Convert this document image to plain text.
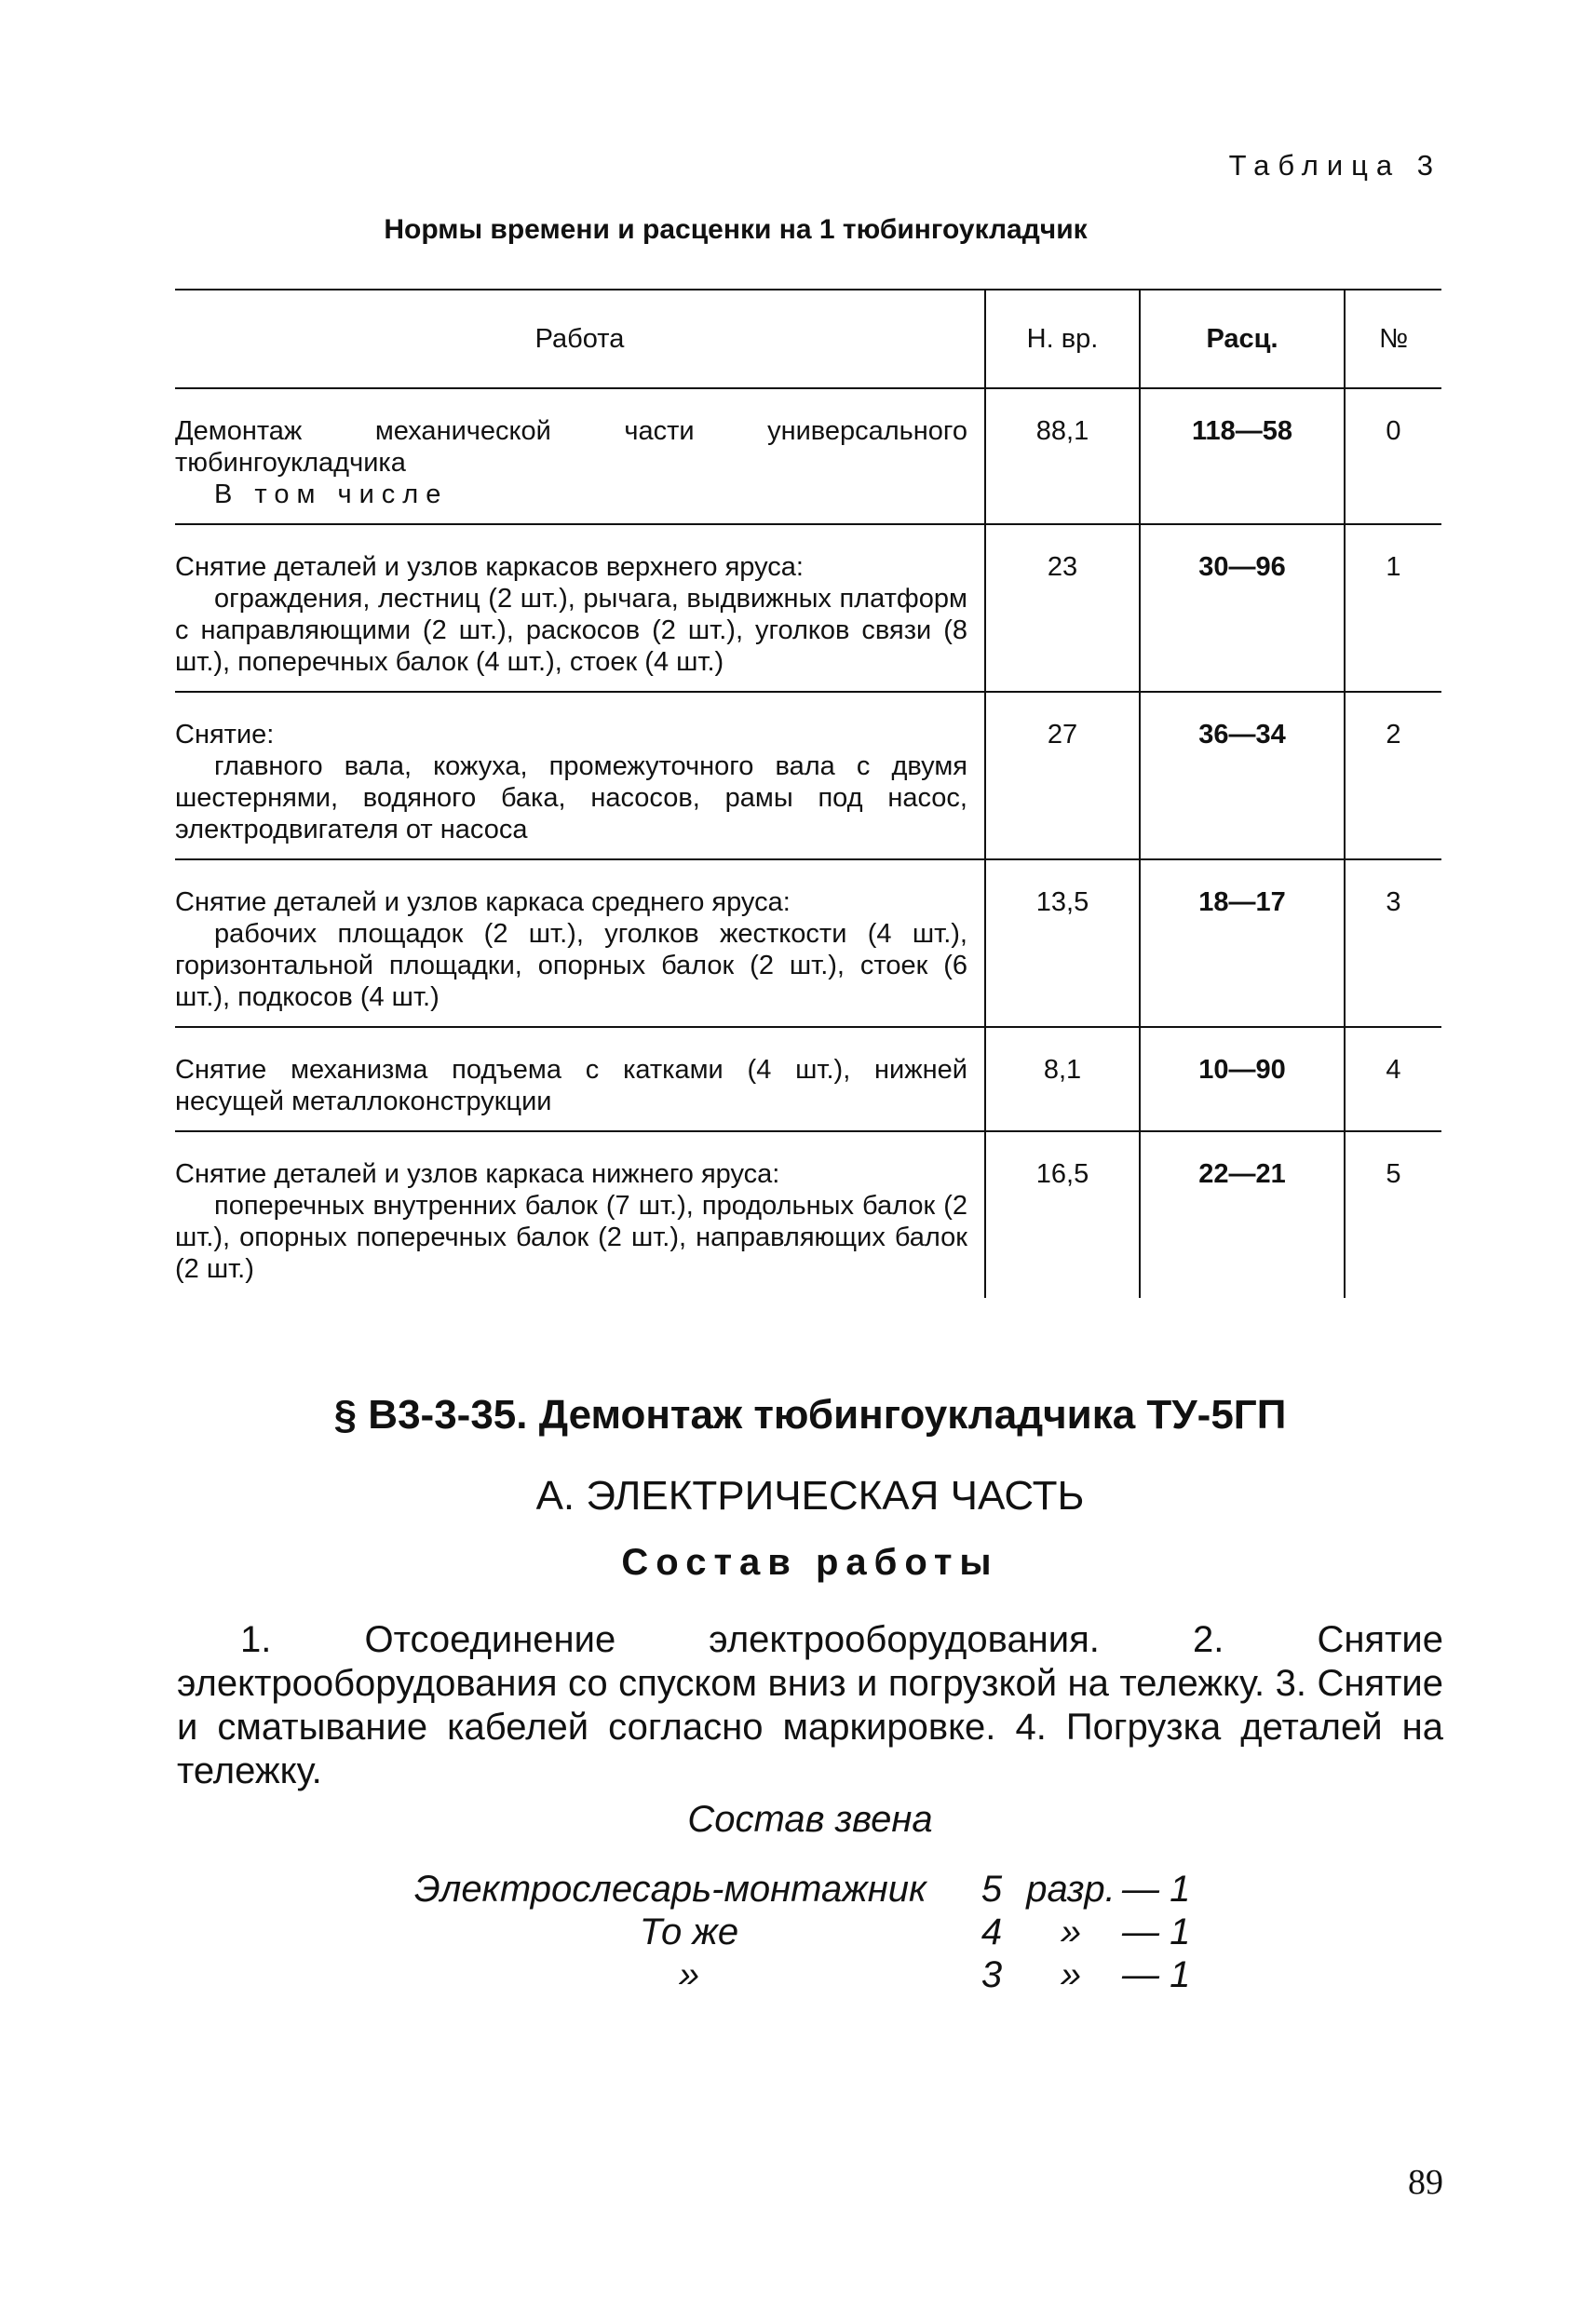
Таблица 3
Нормы времени и расценки на 1 тюбингоукладчик
Работа	Н. вр.	Расц.	№

Демонтаж механической части универсального тюбингоукладчика
В том числе	88,1	118—58	0

Снятие деталей и узлов каркасов верхнего яруса:
ограждения, лестниц (2 шт.), рычага, выдвижных платформ с направляющими (2 шт.), раскосов (2 шт.), уголков связи (8 шт.), поперечных балок (4 шт.), стоек (4 шт.)	23	30—96	1

Снятие:
главного вала, кожуха, промежуточного вала с двумя шестернями, водяного бака, насосов, рамы под насос, электродвигателя от насоса	27	36—34	2

Снятие деталей и узлов каркаса среднего яруса:
рабочих площадок (2 шт.), уголков жесткости (4 шт.), горизонтальной площадки, опорных балок (2 шт.), стоек (6 шт.), подкосов (4 шт.)	13,5	18—17	3

Снятие механизма подъема с катками (4 шт.), нижней несущей металлоконструкции	8,1	10—90	4

Снятие деталей и узлов каркаса нижнего яруса:
поперечных внутренних балок (7 шт.), продольных балок (2 шт.), опорных поперечных балок (2 шт.), направляющих балок (2 шт.)	16,5	22—21	5
§ В3-3-35. Демонтаж тюбингоукладчика ТУ-5ГП
А. ЭЛЕКТРИЧЕСКАЯ ЧАСТЬ
Состав работы
1. Отсоединение электрооборудования. 2. Снятие электрооборудования со спуском вниз и погрузкой на тележку. 3. Снятие и сматывание кабелей согласно маркировке. 4. Погрузка деталей на тележку.
Состав звена
Электрослесарь-монтажник	5	разр.	— 1
То же	4	»	— 1
»	3	»	— 1
89
